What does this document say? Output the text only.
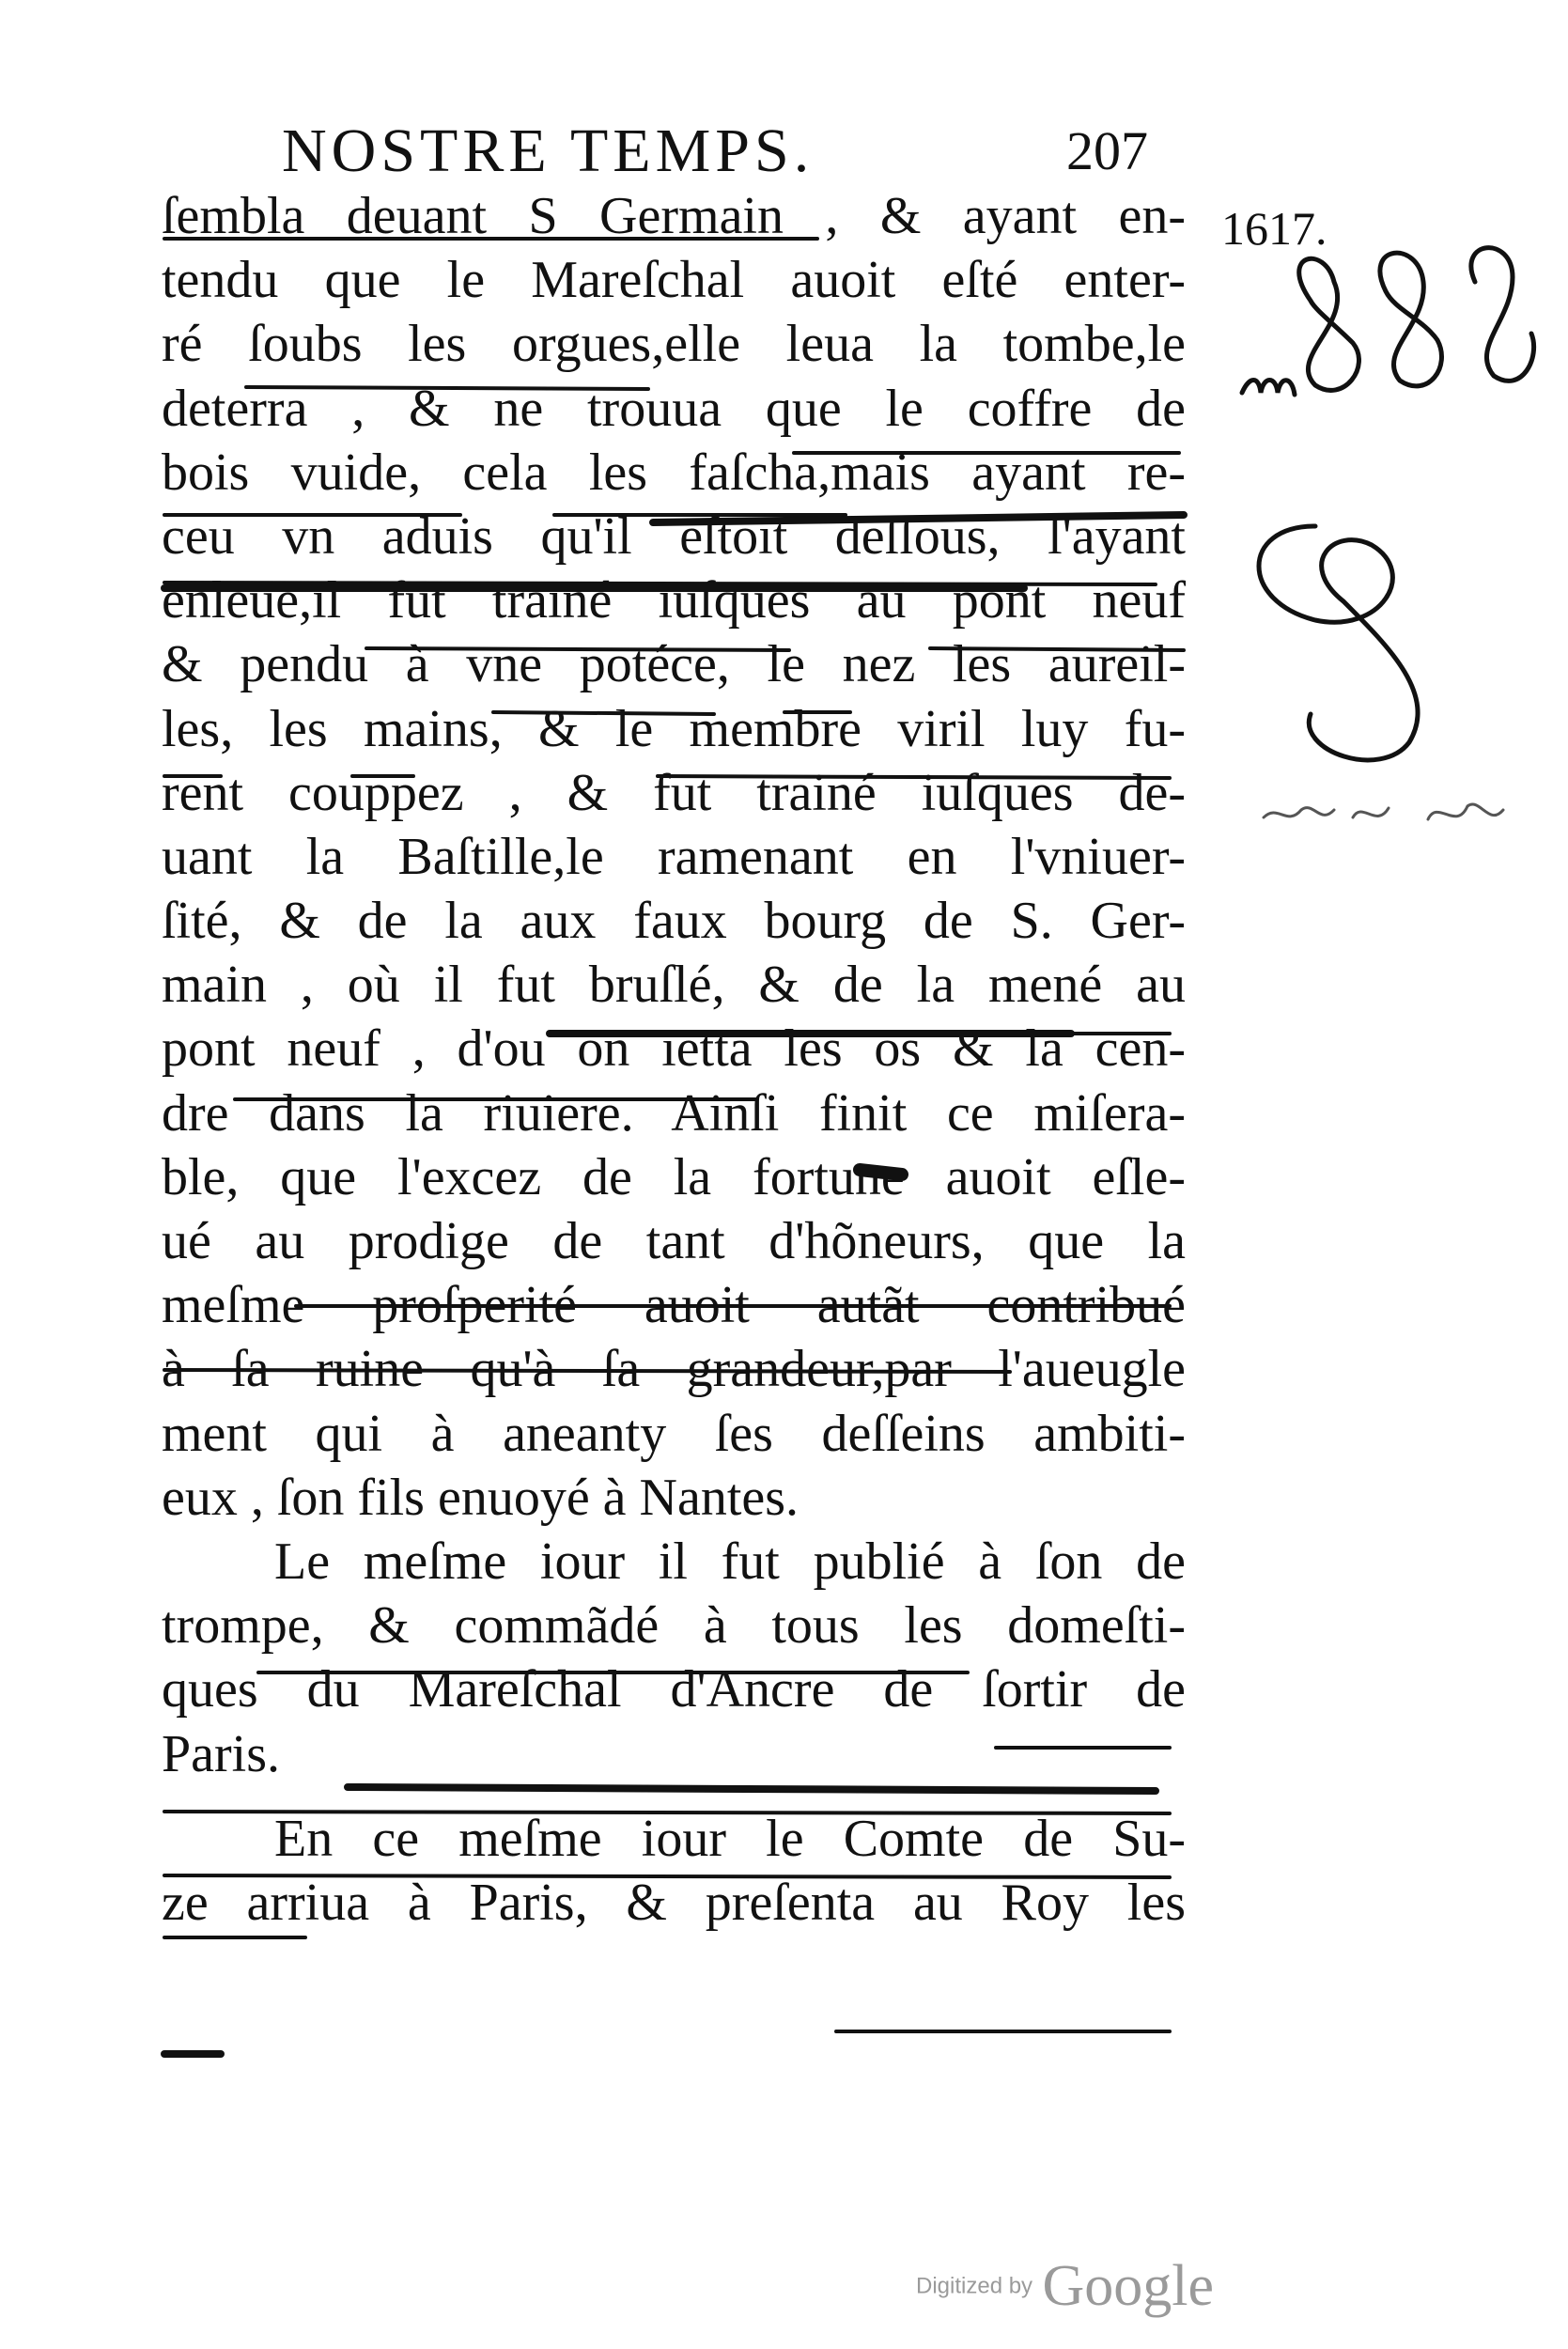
NOSTRE TEMPS.	207
1617.
ſembla deuant S Germain , & ayant en-
tendu que le Mareſchal auoit eſté enter-
ré ſoubs les orgues,elle leua la tombe,le
deterra , & ne trouua que le coffre de
bois vuide, cela les faſcha,mais ayant re-
ceu vn aduis qu'il eſtoit deſſous, l'ayant
enleue,il fut trainé iuſques au pont neuf
& pendu à vne potéce, le nez les aureil-
les, les mains, & le membre viril luy fu-
rent couppez , & fut trainé iuſques de-
uant la Baſtille,le ramenant en l'vniuer-
ſité, & de la aux faux bourg de S. Ger-
main , où il fut bruſlé, & de la mené au
pont neuf , d'ou on ietta les os & la cen-
dre dans la riuiere. Ainſi finit ce miſera-
ble, que l'excez de la fortune auoit eſle-
ué au prodige de tant d'hõneurs, que la
meſme proſperité auoit autãt contribué
à ſa ruine qu'à ſa grandeur,par l'aueugle
ment qui à aneanty ſes deſſeins ambiti-
eux , ſon fils enuoyé à Nantes.
Le meſme iour il fut publié à ſon de
trompe, & commãdé à tous les domeſti-
ques du Mareſchal d'Ancre de ſortir de
Paris.
En ce meſme iour le Comte de Su-
ze arriua à Paris, & preſenta au Roy les
Digitized by Google
